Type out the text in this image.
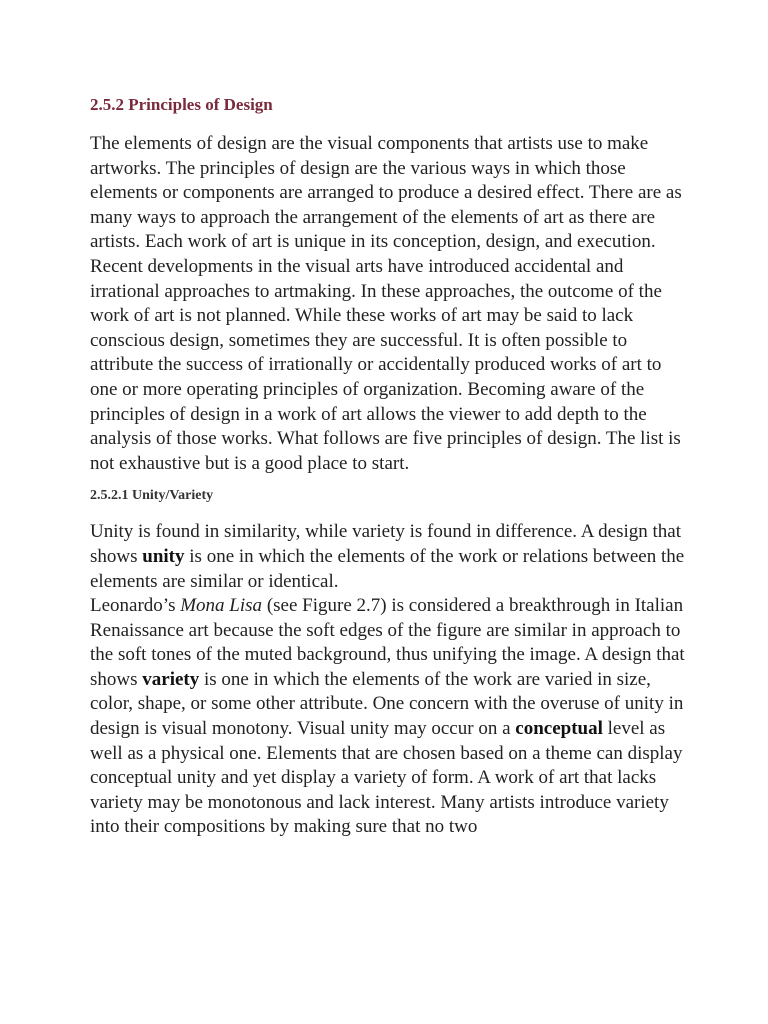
2.5.2 Principles of Design

The elements of design are the visual components that artists use to make artworks. The principles of design are the various ways in which those elements or components are arranged to produce a desired effect. There are as many ways to approach the arrangement of the elements of art as there are artists. Each work of art is unique in its conception, design, and execution. Recent developments in the visual arts have introduced accidental and irrational approaches to artmaking. In these approaches, the outcome of the work of art is not planned. While these works of art may be said to lack conscious design, sometimes they are successful. It is often possible to attribute the success of irrationally or accidentally produced works of art to one or more operating principles of organization. Becoming aware of the principles of design in a work of art allows the viewer to add depth to the analysis of those works. What follows are five principles of design. The list is not exhaustive but is a good place to start.

2.5.2.1 Unity/Variety

Unity is found in similarity, while variety is found in difference. A design that shows unity is one in which the elements of the work or relations between the elements are similar or identical.

Leonardo’s Mona Lisa (see Figure 2.7) is considered a breakthrough in Italian Renaissance art because the soft edges of the figure are similar in approach to the soft tones of the muted background, thus unifying the image. A design that shows variety is one in which the elements of the work are varied in size, color, shape, or some other attribute. One concern with the overuse of unity in design is visual monotony. Visual unity may occur on a conceptual level as well as a physical one. Elements that are chosen based on a theme can display conceptual unity and yet display a variety of form. A work of art that lacks variety may be monotonous and lack interest. Many artists introduce variety into their compositions by making sure that no two
